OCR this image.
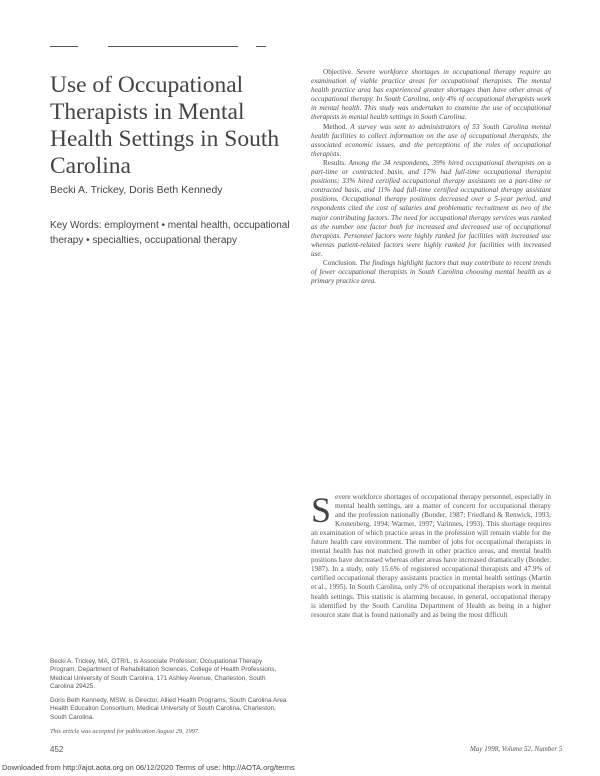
Use of Occupational Therapists in Mental Health Settings in South Carolina
Becki A. Trickey, Doris Beth Kennedy
Key Words: employment • mental health, occupational therapy • specialties, occupational therapy

Objective. Severe workforce shortages in occupational therapy require an examination of viable practice areas for occupational therapists. The mental health practice area has experienced greater shortages than have other areas of occupational therapy. In South Carolina, only 4% of occupational therapists work in mental health. This study was undertaken to examine the use of occupational therapists in mental health settings in South Carolina.

Method. A survey was sent to administrators of 53 South Carolina mental health facilities to collect information on the use of occupational therapists, the associated economic issues, and the perceptions of the roles of occupational therapists.

Results. Among the 34 respondents, 39% hired occupational therapists on a part-time or contracted basis, and 17% had full-time occupational therapist positions; 33% hired certified occupational therapy assistants on a part-time or contracted basis, and 11% had full-time certified occupational therapy assistant positions. Occupational therapy positions decreased over a 5-year period, and respondents cited the cost of salaries and problematic recruitment as two of the major contributing factors. The need for occupational therapy services was ranked as the number one factor both for increased and decreased use of occupational therapists. Personnel factors were highly ranked for facilities with increased use whereas patient-related factors were highly ranked for facilities with increased use.

Conclusion. The findings highlight factors that may contribute to recent trends of fewer occupational therapists in South Carolina choosing mental health as a primary practice area.

Severe workforce shortages of occupational therapy personnel, especially in mental health settings, are a matter of concern for occupational therapy and the profession nationally (Bonder, 1987; Friedland & Renwick, 1993; Kronenberg, 1994; Warmer, 1997; Varinnes, 1993). This shortage requires an examination of which practice areas in the profession will remain viable for the future health care environment. The number of jobs for occupational therapists in mental health has not matched growth in other practice areas, and mental health positions have decreased whereas other areas have increased dramatically (Bonder, 1987). In a study, only 15.6% of registered occupational therapists and 47.9% of certified occupational therapy assistants practice in mental health settings (Martin et al., 1995). In South Carolina, only 2% of occupational therapists work in mental health settings. This statistic is alarming because, in general, occupational therapy is identified by the South Carolina Department of Health as being in a higher resource state that is found nationally and as being the most difficult

Becki A. Trickey, MA, OTR/L, is Associate Professor, Occupational Therapy Program, Department of Rehabilitation Sciences, College of Health Professions, Medical University of South Carolina, 171 Ashley Avenue, Charleston, South Carolina 29425.

Doris Beth Kennedy, MSW, is Director, Allied Health Programs, South Carolina Area Health Education Consortium, Medical University of South Carolina, Charleston, South Carolina.

This article was accepted for publication August 29, 1997.

452	May 1998, Volume 52, Number 5
Downloaded from http://ajot.aota.org on 06/12/2020 Terms of use: http://AOTA.org/terms
